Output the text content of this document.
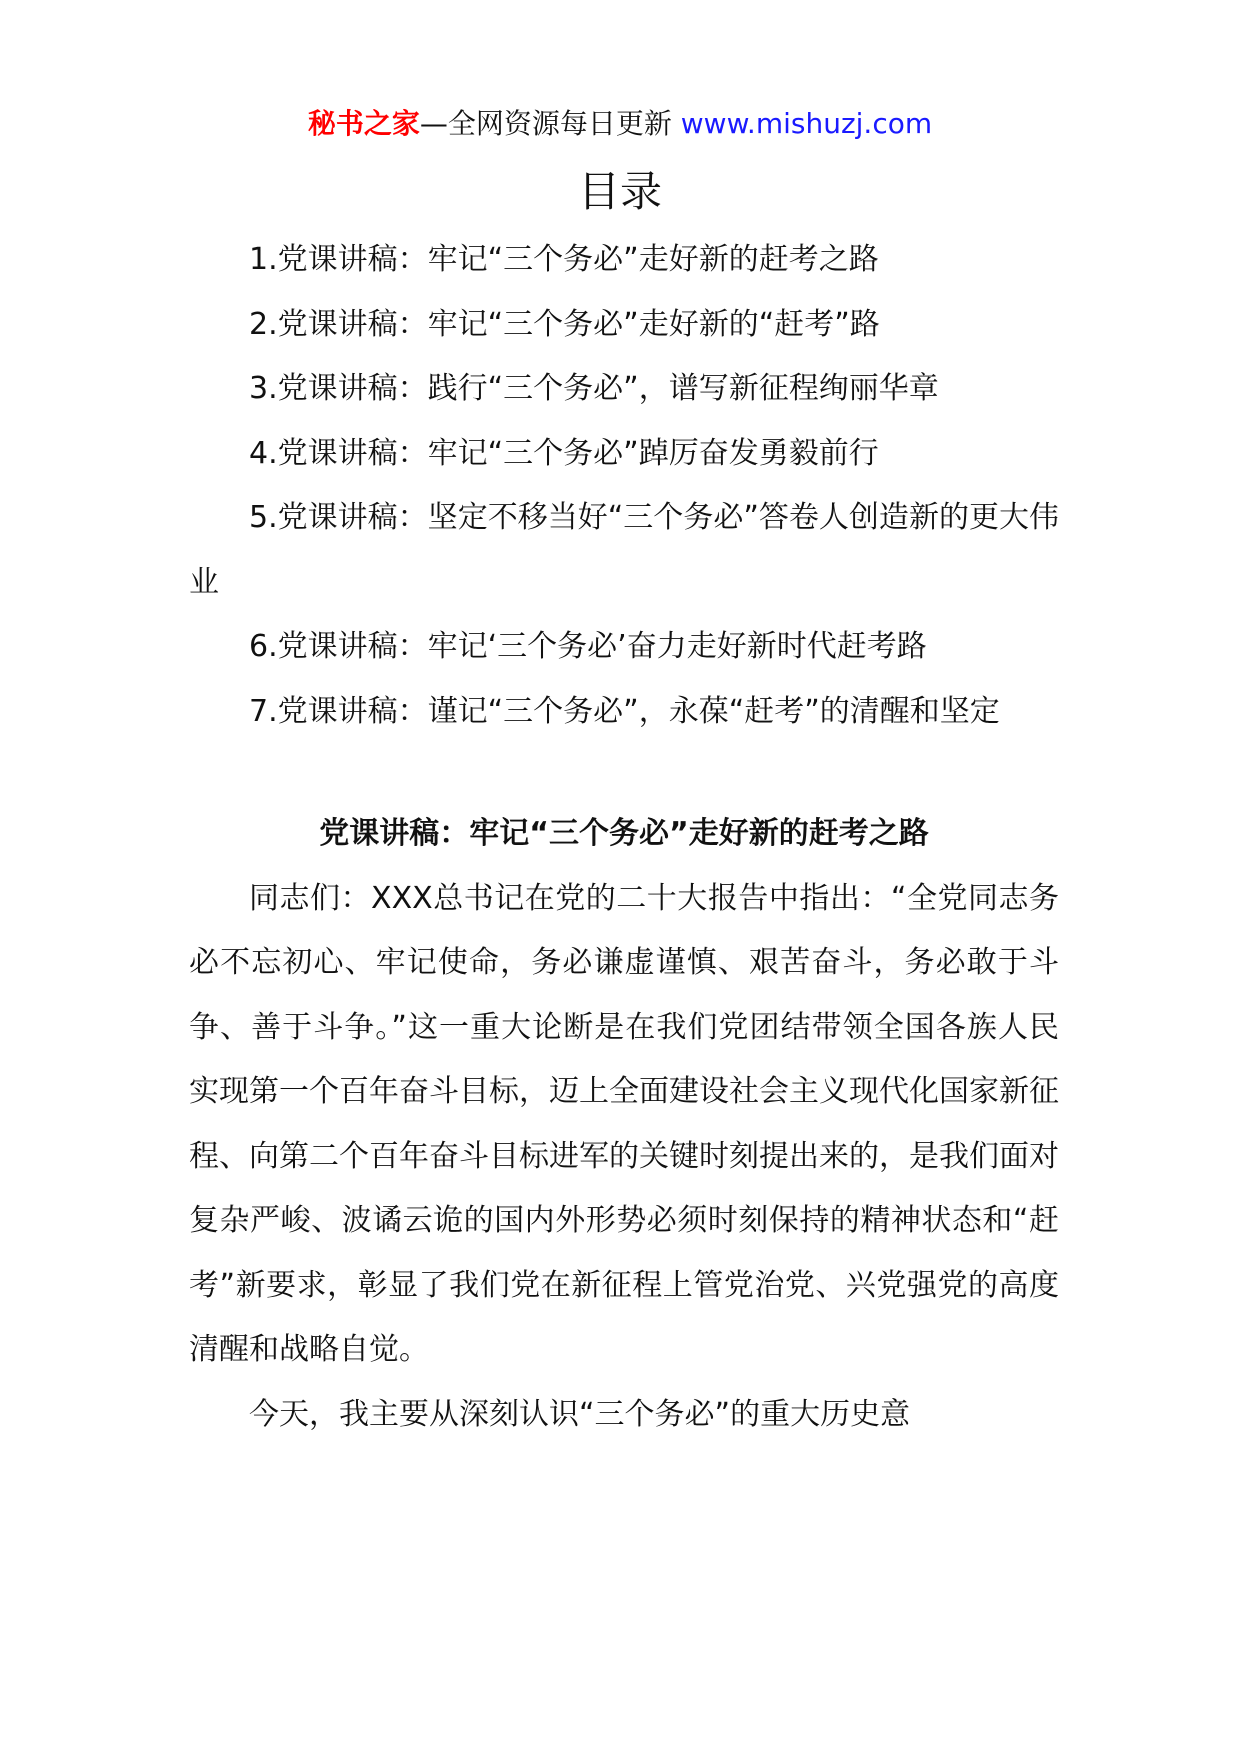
秘书之家—全网资源每日更新 www.mishuzj.com
目录

1.党课讲稿：牢记“三个务必”走好新的赶考之路

2.党课讲稿：牢记“三个务必”走好新的“赶考”路

3.党课讲稿：践行“三个务必”，谱写新征程绚丽华章

4.党课讲稿：牢记“三个务必”踔厉奋发勇毅前行

5.党课讲稿：坚定不移当好“三个务必”答卷人创造新的更大伟业

6.党课讲稿：牢记‘三个务必’奋力走好新时代赶考路

7.党课讲稿：谨记“三个务必”，永葆“赶考”的清醒和坚定

党课讲稿：牢记“三个务必”走好新的赶考之路

同志们：XXX总书记在党的二十大报告中指出：“全党同志务必不忘初心、牢记使命，务必谦虚谨慎、艰苦奋斗，务必敢于斗争、善于斗争。”这一重大论断是在我们党团结带领全国各族人民实现第一个百年奋斗目标，迈上全面建设社会主义现代化国家新征程、向第二个百年奋斗目标进军的关键时刻提出来的，是我们面对复杂严峻、波谲云诡的国内外形势必须时刻保持的精神状态和“赶考”新要求，彰显了我们党在新征程上管党治党、兴党强党的高度清醒和战略自觉。

今天，我主要从深刻认识“三个务必”的重大历史意
